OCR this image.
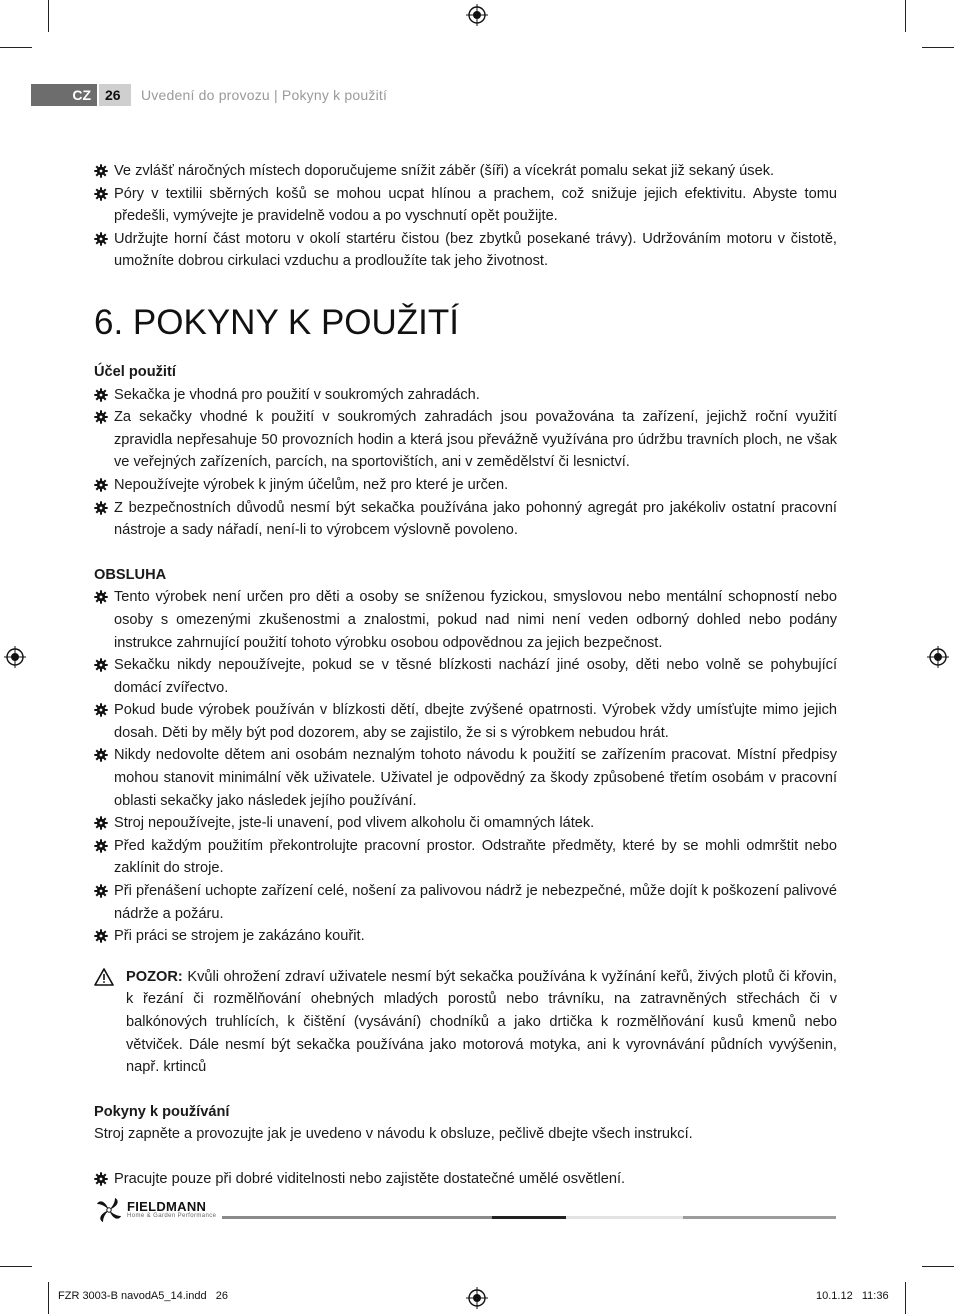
CZ 26 Uvedení do provozu | Pokyny k použití
Ve zvlášť náročných místech doporučujeme snížit záběr (šíři) a vícekrát pomalu sekat již sekaný úsek.
Póry v textilii sběrných košů se mohou ucpat hlínou a prachem, což snižuje jejich efektivitu. Abyste tomu předešli, vymývejte je pravidelně vodou a po vyschnutí opět použijte.
Udržujte horní část motoru v okolí startéru čistou (bez zbytků posekané trávy). Udržováním motoru v čistotě, umožníte dobrou cirkulaci vzduchu a prodloužíte tak jeho životnost.
6. POKYNY K POUŽITÍ

Účel použití

Sekačka je vhodná pro použití v soukromých zahradách.
Za sekačky vhodné k použití v soukromých zahradách jsou považována ta zařízení, jejichž roční využití zpravidla nepřesahuje 50 provozních hodin a která jsou převážně využívána pro údržbu travních ploch, ne však ve veřejných zařízeních, parcích, na sportovištích, ani v zemědělství či lesnictví.
Nepoužívejte výrobek k jiným účelům, než pro které je určen.
Z bezpečnostních důvodů nesmí být sekačka používána jako pohonný agregát pro jakékoliv ostatní pracovní nástroje a sady nářadí, není-li to výrobcem výslovně povoleno.

OBSLUHA

Tento výrobek není určen pro děti a osoby se sníženou fyzickou, smyslovou nebo mentální schopností nebo osoby s omezenými zkušenostmi a znalostmi, pokud nad nimi není veden odborný dohled nebo podány instrukce zahrnující použití tohoto výrobku osobou odpovědnou za jejich bezpečnost.
Sekačku nikdy nepoužívejte, pokud se v těsné blízkosti nachází jiné osoby, děti nebo volně se pohybující domácí zvířectvo.
Pokud bude výrobek používán v blízkosti dětí, dbejte zvýšené opatrnosti. Výrobek vždy umísťujte mimo jejich dosah. Děti by měly být pod dozorem, aby se zajistilo, že si s výrobkem nebudou hrát.
Nikdy nedovolte dětem ani osobám neznalým tohoto návodu k použití se zařízením pracovat. Místní předpisy mohou stanovit minimální věk uživatele. Uživatel je odpovědný za škody způsobené třetím osobám v pracovní oblasti sekačky jako následek jejího používání.
Stroj nepoužívejte, jste-li unavení, pod vlivem alkoholu či omamných látek.
Před každým použitím překontrolujte pracovní prostor. Odstraňte předměty, které by se mohli odmrštit nebo zaklínit do stroje.
Při přenášení uchopte zařízení celé, nošení za palivovou nádrž je nebezpečné, může dojít k poškození palivové nádrže a požáru.
Při práci se strojem je zakázáno kouřit.
POZOR: Kvůli ohrožení zdraví uživatele nesmí být sekačka používána k vyžínání keřů, živých plotů či křovin, k řezání či rozmělňování ohebných mladých porostů nebo trávníku, na zatravněných střechách či v balkónových truhlících, k čištění (vysávání) chodníků a jako drtička k rozmělňování kusů kmenů nebo větviček. Dále nesmí být sekačka používána jako motorová motyka, ani k vyrovnávání půdních vyvýšenin, např. krtinců

Pokyny k používání

Stroj zapněte a provozujte jak je uvedeno v návodu k obsluze, pečlivě dbejte všech instrukcí.

Pracujte pouze při dobré viditelnosti nebo zajistěte dostatečné umělé osvětlení.
FIELDMANN
Home & Garden Performance
FZR 3003-B navodA5_14.indd   26	10.1.12   11:36
